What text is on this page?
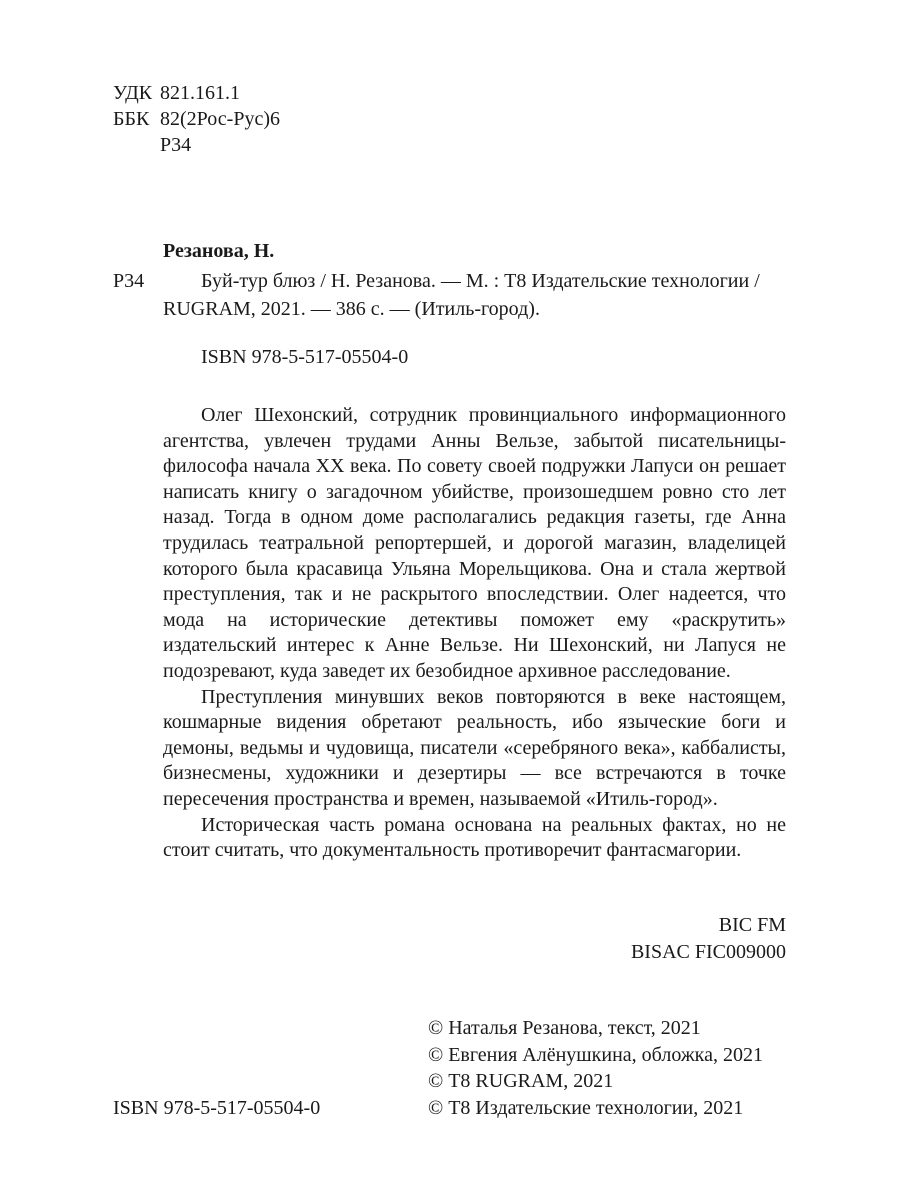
УДК 821.161.1
ББК 82(2Рос-Рус)6
Р34
Резанова, Н.
Р34	Буй-тур блюз / Н. Резанова. — М. : Т8 Издательские технологии /
RUGRAM, 2021. — 386 с. — (Итиль-город).
ISBN 978-5-517-05504-0

Олег Шехонский, сотрудник провинциального информационного агентства, увлечен трудами Анны Вельзе, забытой писательницы-философа начала ХХ века. По совету своей подружки Лапуси он решает написать книгу о загадочном убийстве, произошедшем ровно сто лет назад. Тогда в одном доме располагались редакция газеты, где Анна трудилась театральной репортершей, и дорогой магазин, владелицей которого была красавица Ульяна Морельщикова. Она и стала жертвой преступления, так и не раскрытого впоследствии. Олег надеется, что мода на исторические детективы поможет ему «раскрутить» издательский интерес к Анне Вельзе. Ни Шехонский, ни Лапуся не подозревают, куда заведет их безобидное архивное расследование.

Преступления минувших веков повторяются в веке настоящем, кошмарные видения обретают реальность, ибо языческие боги и демоны, ведьмы и чудовища, писатели «серебряного века», каббалисты, бизнесмены, художники и дезертиры — все встречаются в точке пересечения пространства и времен, называемой «Итиль-город».

Историческая часть романа основана на реальных фактах, но не стоит считать, что документальность противоречит фантасмагории.

BIC FM
BISAC FIC009000
ISBN 978-5-517-05504-0
© Наталья Резанова, текст, 2021
© Евгения Алёнушкина, обложка, 2021
© Т8 RUGRAM, 2021
© Т8 Издательские технологии, 2021
